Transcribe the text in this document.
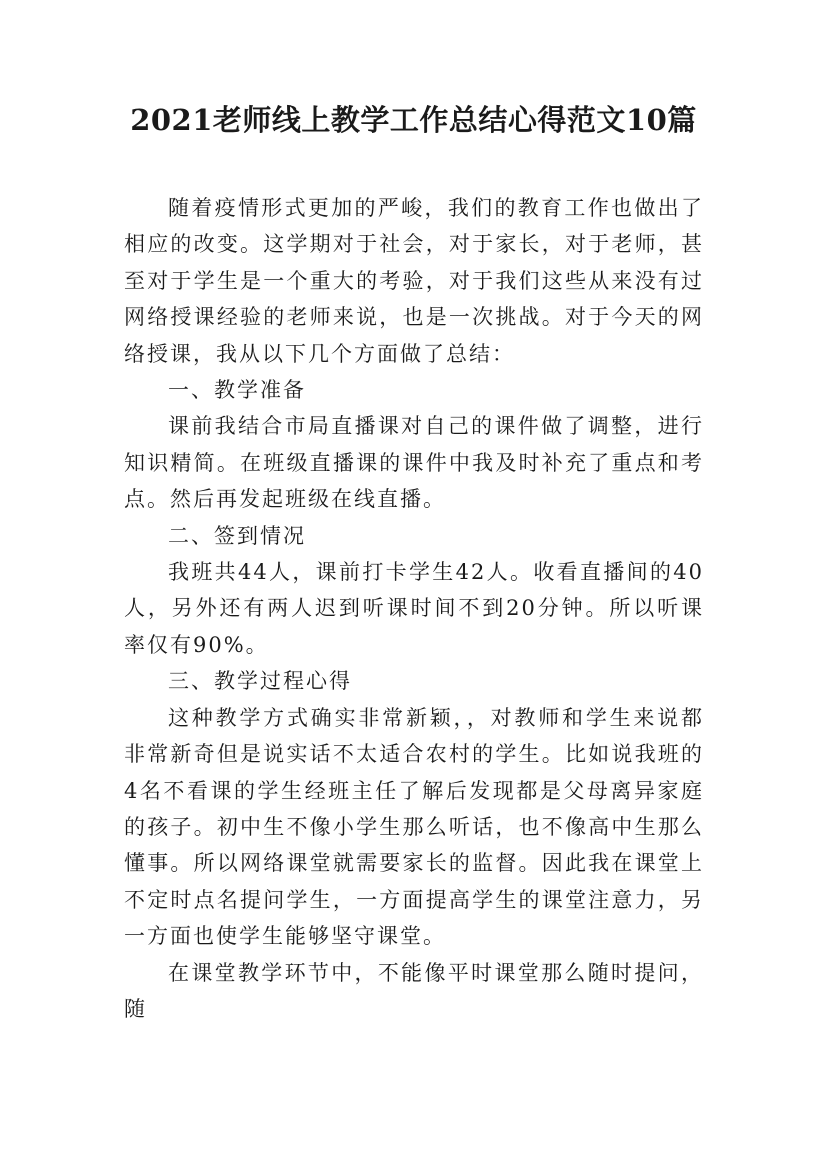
2021老师线上教学工作总结心得范文10篇

随着疫情形式更加的严峻，我们的教育工作也做出了相应的改变。这学期对于社会，对于家长，对于老师，甚至对于学生是一个重大的考验，对于我们这些从来没有过网络授课经验的老师来说，也是一次挑战。对于今天的网络授课，我从以下几个方面做了总结：

一、教学准备

课前我结合市局直播课对自己的课件做了调整，进行知识精简。在班级直播课的课件中我及时补充了重点和考点。然后再发起班级在线直播。

二、签到情况

我班共44人，课前打卡学生42人。收看直播间的40人，另外还有两人迟到听课时间不到20分钟。所以听课率仅有90%。

三、教学过程心得

这种教学方式确实非常新颖，，对教师和学生来说都非常新奇但是说实话不太适合农村的学生。比如说我班的4名不看课的学生经班主任了解后发现都是父母离异家庭的孩子。初中生不像小学生那么听话，也不像高中生那么懂事。所以网络课堂就需要家长的监督。因此我在课堂上不定时点名提问学生，一方面提高学生的课堂注意力，另一方面也使学生能够坚守课堂。

在课堂教学环节中，不能像平时课堂那么随时提问，随
